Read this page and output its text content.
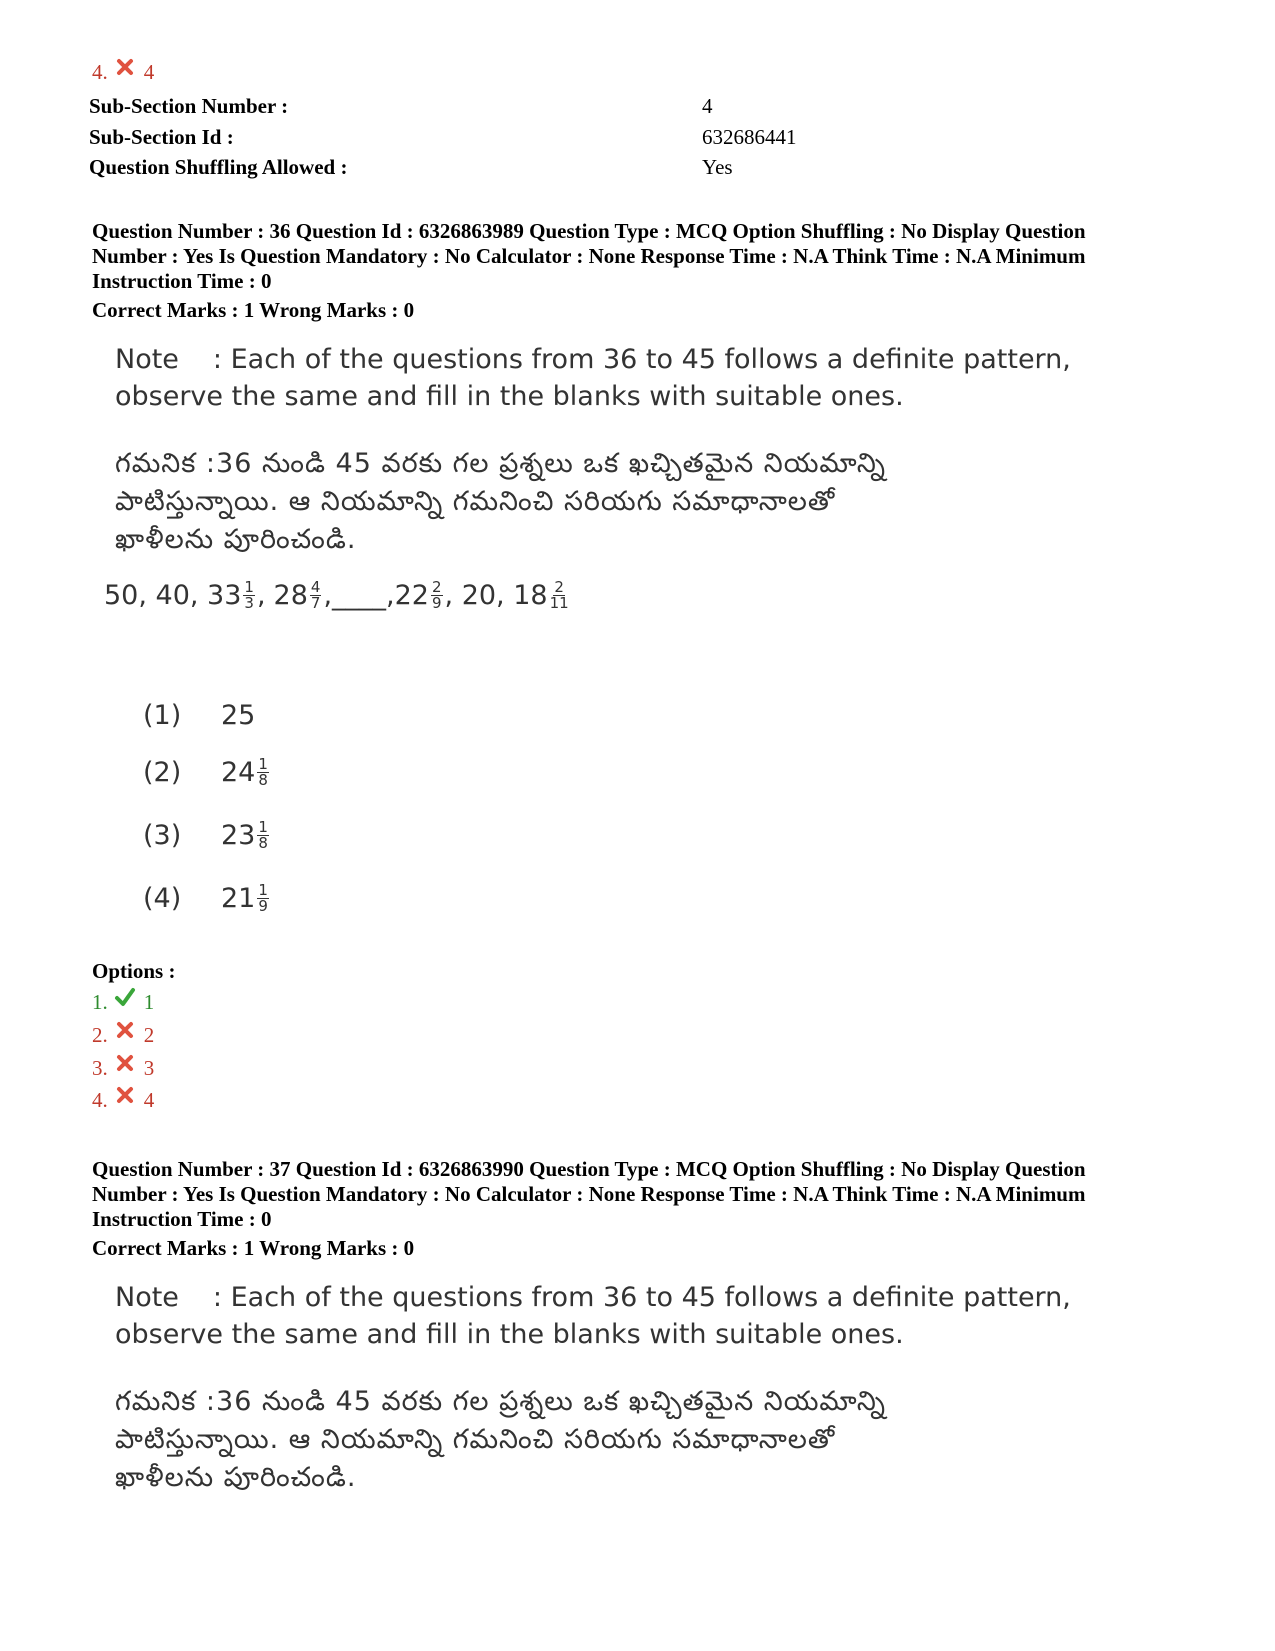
4. 4
Sub-Section Number :	4
Sub-Section Id :	632686441
Question Shuffling Allowed :	Yes
Question Number : 36 Question Id : 6326863989 Question Type : MCQ Option Shuffling : No Display Question
Number : Yes Is Question Mandatory : No Calculator : None Response Time : N.A Think Time : N.A Minimum
Instruction Time : 0
Correct Marks : 1 Wrong Marks : 0
Note : Each of the questions from 36 to 45 follows a definite pattern,
observe the same and fill in the blanks with suitable ones.
గమనిక :36 నుండి 45 వరకు గల ప్రశ్నలు ఒక ఖచ్చితమైన నియమాన్ని
పాటిస్తున్నాయి. ఆ నియమాన్ని గమనించి సరియగు సమాధానాలతో
ఖాళీలను పూరించండి.
50, 40, $33 \frac{1}{3}$ , $28 \frac{4}{7}$ ,____, $22 \frac{2}{9}$ , 20, $18 \frac{2}{11}$
(1)	25
(2)	$24 \frac{1}{8}$
(3)	$23 \frac{1}{8}$
(4)	$21 \frac{1}{9}$
Options :
1. 1
2. 2
3. 3
4. 4
Question Number : 37 Question Id : 6326863990 Question Type : MCQ Option Shuffling : No Display Question
Number : Yes Is Question Mandatory : No Calculator : None Response Time : N.A Think Time : N.A Minimum
Instruction Time : 0
Correct Marks : 1 Wrong Marks : 0
Note : Each of the questions from 36 to 45 follows a definite pattern,
observe the same and fill in the blanks with suitable ones.
గమనిక :36 నుండి 45 వరకు గల ప్రశ్నలు ఒక ఖచ్చితమైన నియమాన్ని
పాటిస్తున్నాయి. ఆ నియమాన్ని గమనించి సరియగు సమాధానాలతో
ఖాళీలను పూరించండి.
